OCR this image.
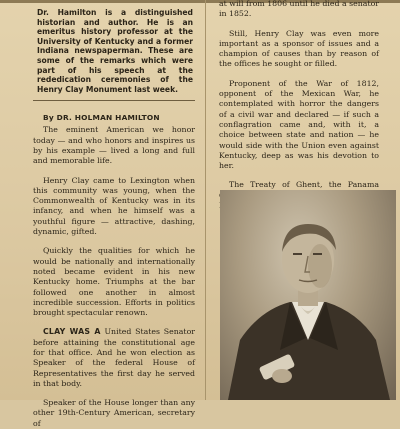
Dr. Hamilton is a distinguished historian and author. He is an emeritus history professor at the University of Kentucky and a former Indiana newspaperman. These are some of the remarks which were part of his speech at the rededication ceremonies of the Henry Clay Monument last week.
By DR. HOLMAN HAMILTON

The eminent American we honor today — and who honors and inspires us by his example — lived a long and full and memorable life.

Henry Clay came to Lexington when this community was young, when the Commonwealth of Kentucky was in its infancy, and when he himself was a youthful figure — attractive, dashing, dynamic, gifted.

Quickly the qualities for which he would be nationally and internationally noted became evident in his new Kentucky home. Triumphs at the bar followed one another in almost incredible succession. Efforts in politics brought spectacular renown.

CLAY WAS A United States Senator before attaining the constitutional age for that office. And he won election as Speaker of the federal House of Representatives the first day he served in that body.

Speaker of the House longer than any other 19th-Century American, secretary of

at will from 1806 until he died a senator in 1852.

Still, Henry Clay was even more important as a sponsor of issues and a champion of causes than by reason of the offices he sought or filled.

Proponent of the War of 1812, opponent of the Mexican War, he contemplated with horror the dangers of a civil war and declared — if such a conflagration came and, with it, a choice between state and nation — he would side with the Union even against Kentucky, deep as was his devotion to her.

The Treaty of Ghent, the Panama
